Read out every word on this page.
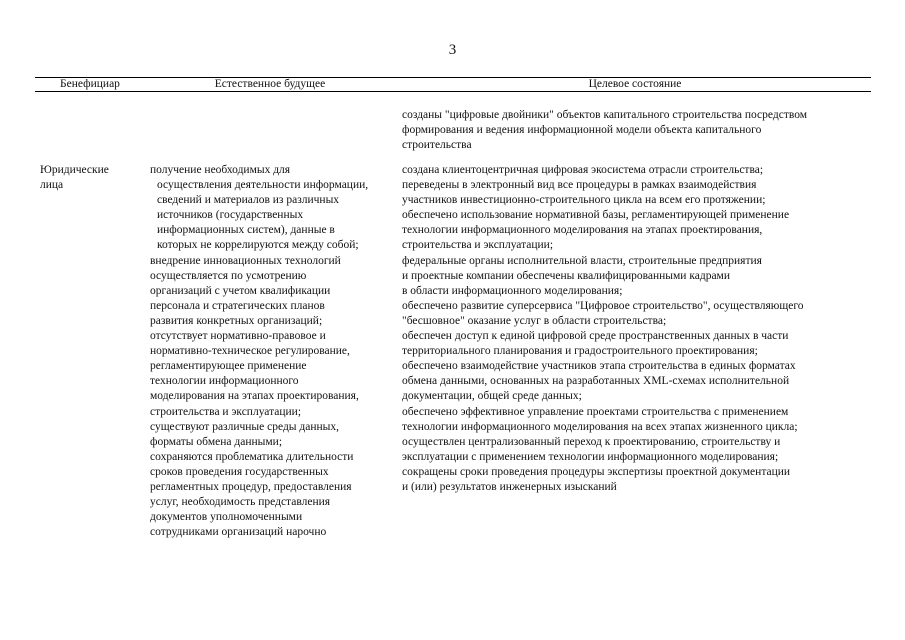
3
Бенефициар	Естественное будущее	Целевое состояние
созданы "цифровые двойники" объектов капитального строительства посредством
формирования и ведения информационной модели объекта капитального
строительства
Юридические
лица
получение необходимых для
осуществления деятельности информации,
сведений и материалов из различных
источников (государственных
информационных систем), данные в
которых не коррелируются между собой;
внедрение инновационных технологий
осуществляется по усмотрению
организаций с учетом квалификации
персонала и стратегических планов
развития конкретных организаций;
отсутствует нормативно-правовое и
нормативно-техническое регулирование,
регламентирующее применение
технологии информационного
моделирования на этапах проектирования,
строительства и эксплуатации;
существуют различные среды данных,
форматы обмена данными;
сохраняются проблематика длительности
сроков проведения государственных
регламентных процедур, предоставления
услуг, необходимость представления
документов уполномоченными
сотрудниками организаций нарочно
создана клиентоцентричная цифровая экосистема отрасли строительства;
переведены в электронный вид все процедуры в рамках взаимодействия
участников инвестиционно-строительного цикла на всем его протяжении;
обеспечено использование нормативной базы, регламентирующей применение
технологии информационного моделирования на этапах проектирования,
строительства и эксплуатации;
федеральные органы исполнительной власти, строительные предприятия
и проектные компании обеспечены квалифицированными кадрами
в области информационного моделирования;
обеспечено развитие суперсервиса "Цифровое строительство", осуществляющего
"бесшовное" оказание услуг в области строительства;
обеспечен доступ к единой цифровой среде пространственных данных в части
территориального планирования и градостроительного проектирования;
обеспечено взаимодействие участников этапа строительства в единых форматах
обмена данными, основанных на разработанных XML-схемах исполнительной
документации, общей среде данных;
обеспечено эффективное управление проектами строительства с применением
технологии информационного моделирования на всех этапах жизненного цикла;
осуществлен централизованный переход к проектированию, строительству и
эксплуатации с применением технологии информационного моделирования;
сокращены сроки проведения процедуры экспертизы проектной документации
и (или) результатов инженерных изысканий
